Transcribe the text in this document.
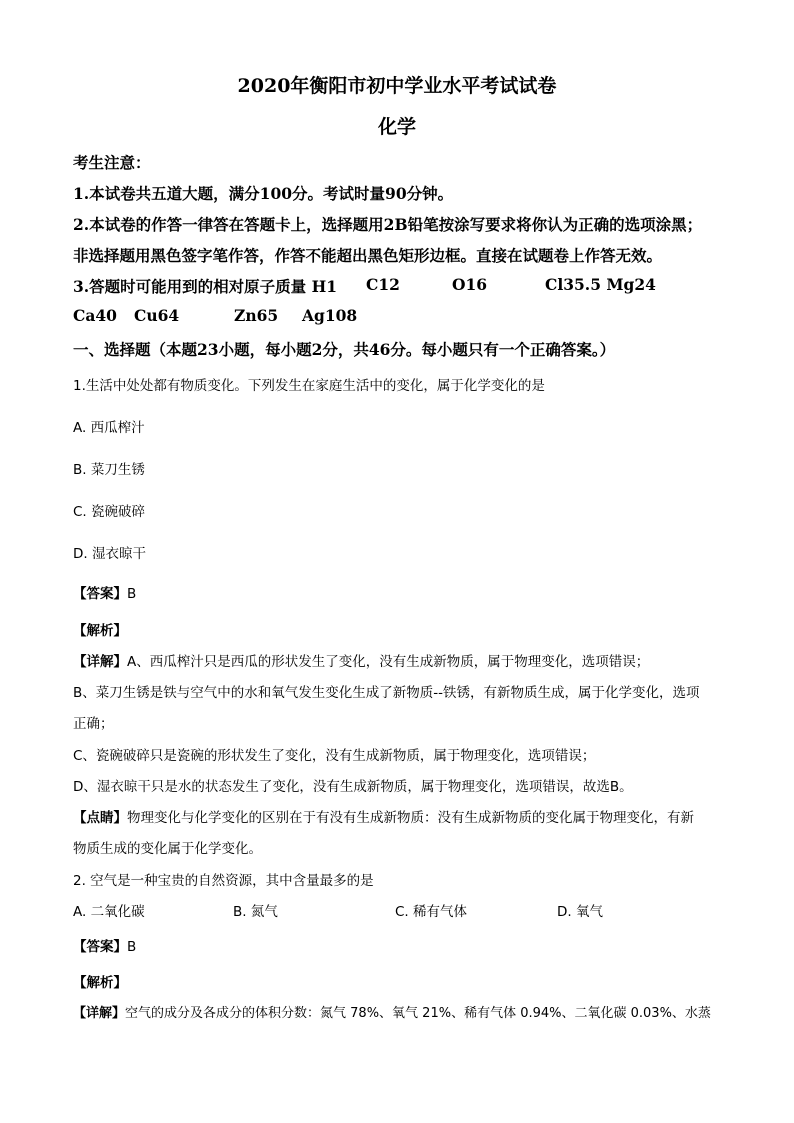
2020年衡阳市初中学业水平考试试卷
化学
考生注意：
1.本试卷共五道大题，满分100分。考试时量90分钟。
2.本试卷的作答一律答在答题卡上，选择题用2B铅笔按涂写要求将你认为正确的选项涂黑；
非选择题用黑色签字笔作答，作答不能超出黑色矩形边框。直接在试题卷上作答无效。
3.答题时可能用到的相对原子质量 H1 C12	O16	Cl35.5 Mg24
Ca40 Cu64	Zn65 Ag108
一、选择题（本题23小题，每小题2分，共46分。每小题只有一个正确答案。）
1.生活中处处都有物质变化。下列发生在家庭生活中的变化，属于化学变化的是
A. 西瓜榨汁
B. 菜刀生锈
C. 瓷碗破碎
D. 湿衣晾干
【答案】B
【解析】
【详解】A、西瓜榨汁只是西瓜的形状发生了变化，没有生成新物质，属于物理变化，选项错误；
B、菜刀生锈是铁与空气中的水和氧气发生变化生成了新物质--铁锈，有新物质生成，属于化学变化，选项
正确；
C、瓷碗破碎只是瓷碗的形状发生了变化，没有生成新物质，属于物理变化，选项错误；
D、湿衣晾干只是水的状态发生了变化，没有生成新物质，属于物理变化，选项错误，故选B。
【点睛】物理变化与化学变化的区别在于有没有生成新物质：没有生成新物质的变化属于物理变化，有新
物质生成的变化属于化学变化。
2. 空气是一种宝贵的自然资源，其中含量最多的是
A. 二氧化碳	B. 氮气	C. 稀有气体	D. 氧气
【答案】B
【解析】
【详解】空气的成分及各成分的体积分数：氮气 78%、氧气 21%、稀有气体 0.94%、二氧化碳 0.03%、水蒸
